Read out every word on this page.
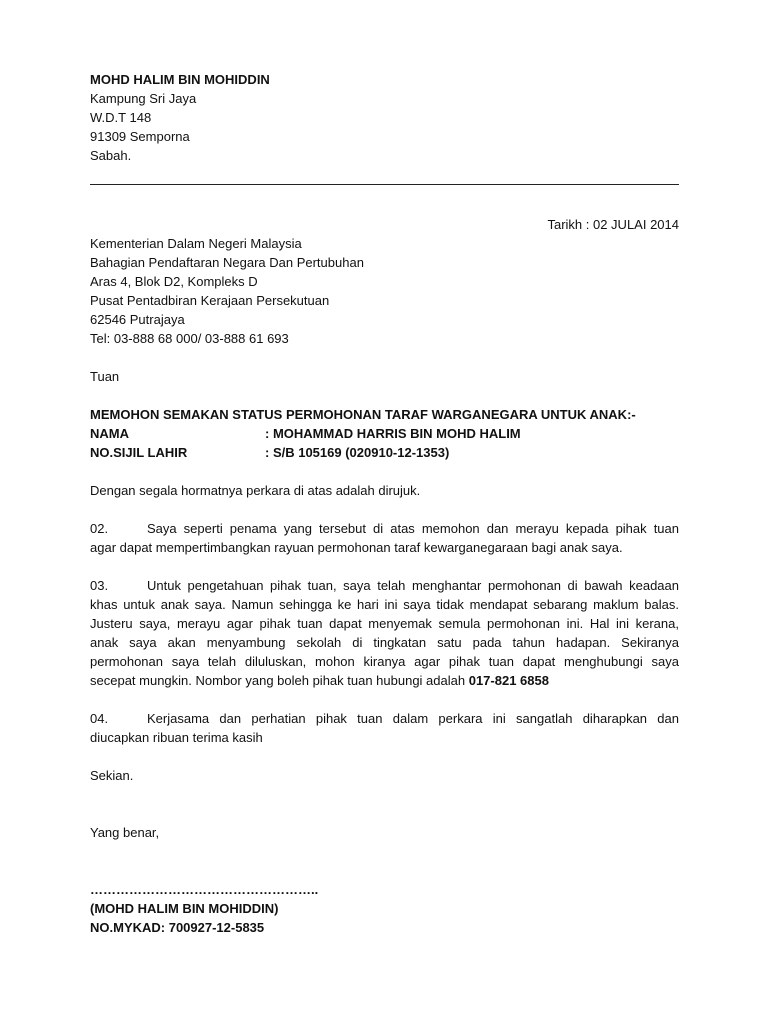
MOHD HALIM BIN MOHIDDIN
Kampung Sri Jaya
W.D.T 148
91309 Semporna
Sabah.
Tarikh : 02 JULAI 2014
Kementerian Dalam Negeri Malaysia
Bahagian Pendaftaran Negara Dan Pertubuhan
Aras 4, Blok D2, Kompleks D
Pusat Pentadbiran Kerajaan Persekutuan
62546 Putrajaya
Tel: 03-888 68 000/ 03-888 61 693
Tuan
MEMOHON SEMAKAN STATUS PERMOHONAN TARAF WARGANEGARA UNTUK ANAK:-
NAMA	: MOHAMMAD HARRIS BIN MOHD HALIM
NO.SIJIL LAHIR	: S/B 105169 (020910-12-1353)
Dengan segala hormatnya perkara di atas adalah dirujuk.
02.	Saya seperti penama yang tersebut di atas memohon dan merayu kepada pihak tuan
agar dapat mempertimbangkan rayuan permohonan taraf kewarganegaraan bagi anak saya.
03.	Untuk pengetahuan pihak tuan, saya telah menghantar permohonan di bawah keadaan
khas untuk anak saya. Namun sehingga ke hari ini saya tidak mendapat sebarang maklum balas.
Justeru saya, merayu agar pihak tuan dapat menyemak semula permohonan ini. Hal ini kerana,
anak saya akan menyambung sekolah di tingkatan satu pada tahun hadapan. Sekiranya
permohonan saya telah diluluskan, mohon kiranya agar pihak tuan dapat menghubungi saya
secepat mungkin. Nombor yang boleh pihak tuan hubungi adalah 017-821 6858
04.	Kerjasama dan perhatian pihak tuan dalam perkara ini sangatlah diharapkan dan
diucapkan ribuan terima kasih
Sekian.
Yang benar,
……………………………………………..
(MOHD HALIM BIN MOHIDDIN)
NO.MYKAD: 700927-12-5835
